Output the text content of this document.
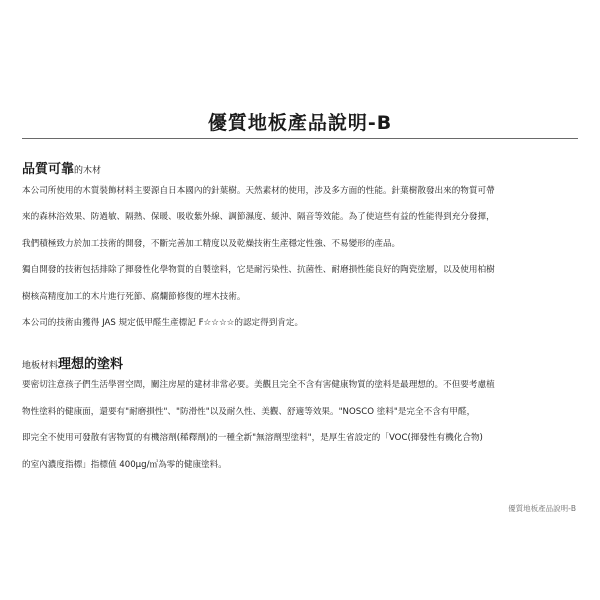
優質地板產品說明-B
品質可靠的木材
本公司所使用的木質裝飾材料主要源自日本國內的針葉樹。天然素材的使用，涉及多方面的性能。針葉樹散發出來的物質可帶
來的森林浴效果、防過敏、隔熱、保暖、吸收紫外線、調節濕度、緩沖、隔音等效能。為了使這些有益的性能得到充分發揮，
我們積極致力於加工技術的開發，不斷完善加工精度以及乾燥技術生產穩定性強、不易變形的產品。
獨自開發的技術包括排除了揮發性化學物質的自製塗料，它是耐污染性、抗菌性、耐磨損性能良好的陶瓷塗層，以及使用柏樹
樹核高精度加工的木片進行死節、腐爛節修復的埋木技術。
本公司的技術由獲得 JAS 規定低甲醛生產標記 F☆☆☆☆的認定得到肯定。
地板材料理想的塗料
要密切注意孩子們生活學習空間，關注房屋的建材非常必要。美觀且完全不含有害健康物質的塗料是最理想的。不但要考慮植
物性塗料的健康面，還要有"耐磨損性"、"防滑性"以及耐久性、美觀、舒適等效果。"NOSCO 塗料"是完全不含有甲醛，
即完全不使用可發散有害物質的有機溶劑(稀釋劑)的一種全新"無溶劑型塗料"，是厚生省設定的「VOC(揮發性有機化合物)
的室內濃度指標」指標值 400μg/㎥為零的健康塗料。
優質地板產品說明-B
